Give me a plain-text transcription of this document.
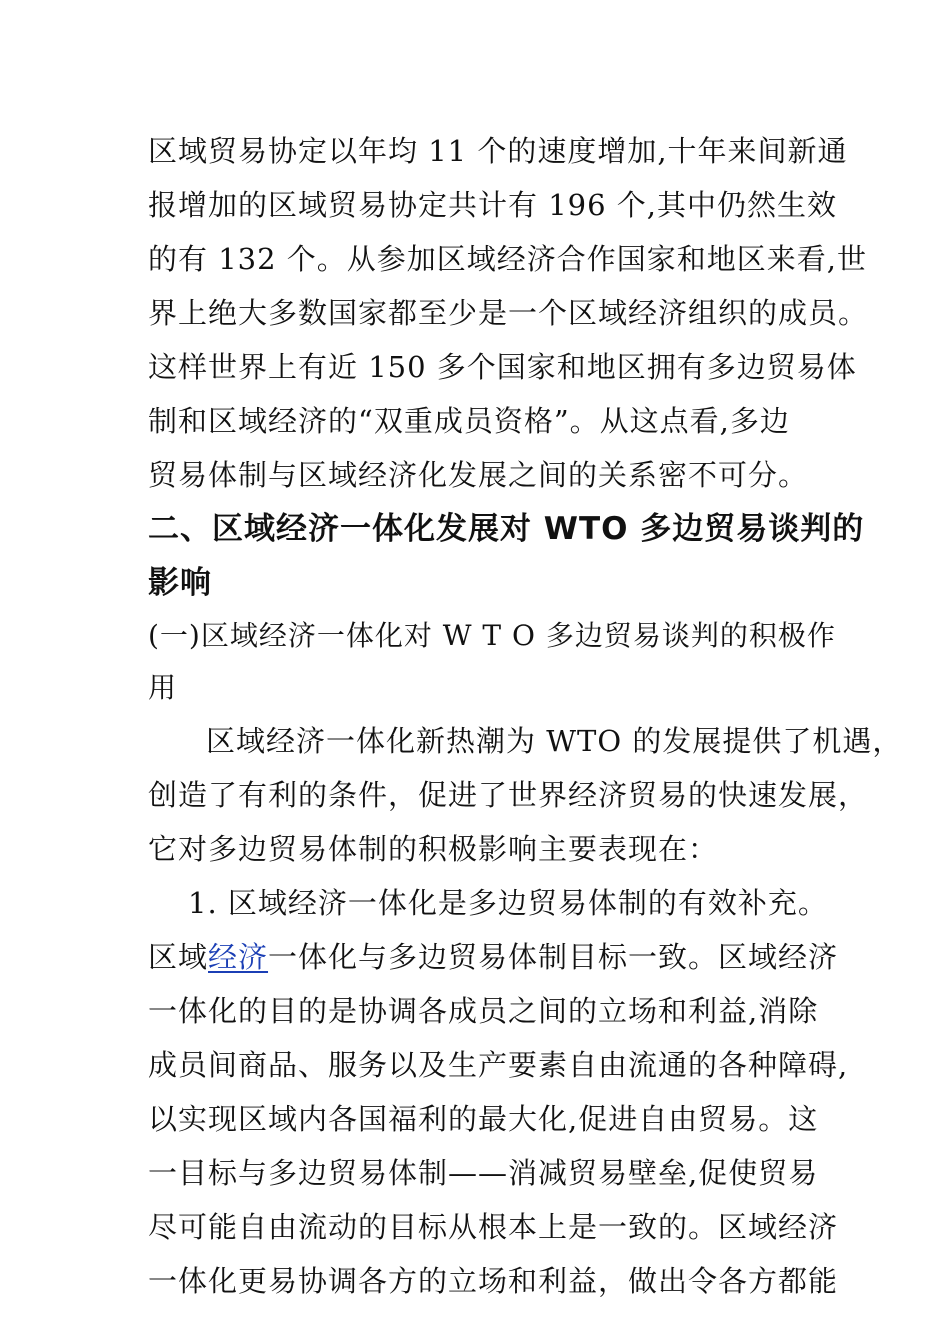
区域贸易协定以年均 11 个的速度增加,十年来间新通
报增加的区域贸易协定共计有 196 个,其中仍然生效
的有 132 个。从参加区域经济合作国家和地区来看,世
界上绝大多数国家都至少是一个区域经济组织的成员。
这样世界上有近 150 多个国家和地区拥有多边贸易体
制和区域经济的“双重成员资格”。从这点看,多边
贸易体制与区域经济化发展之间的关系密不可分。
二、区域经济一体化发展对 WTO 多边贸易谈判的
影响
(一)区域经济一体化对 W T O 多边贸易谈判的积极作
用
区域经济一体化新热潮为 WTO 的发展提供了机遇，
创造了有利的条件，促进了世界经济贸易的快速发展，
它对多边贸易体制的积极影响主要表现在：
1. 区域经济一体化是多边贸易体制的有效补充。
区域经济一体化与多边贸易体制目标一致。区域经济
一体化的目的是协调各成员之间的立场和利益,消除
成员间商品、服务以及生产要素自由流通的各种障碍,
以实现区域内各国福利的最大化,促进自由贸易。这
一目标与多边贸易体制——消减贸易壁垒,促使贸易
尽可能自由流动的目标从根本上是一致的。区域经济
一体化更易协调各方的立场和利益，做出令各方都能
